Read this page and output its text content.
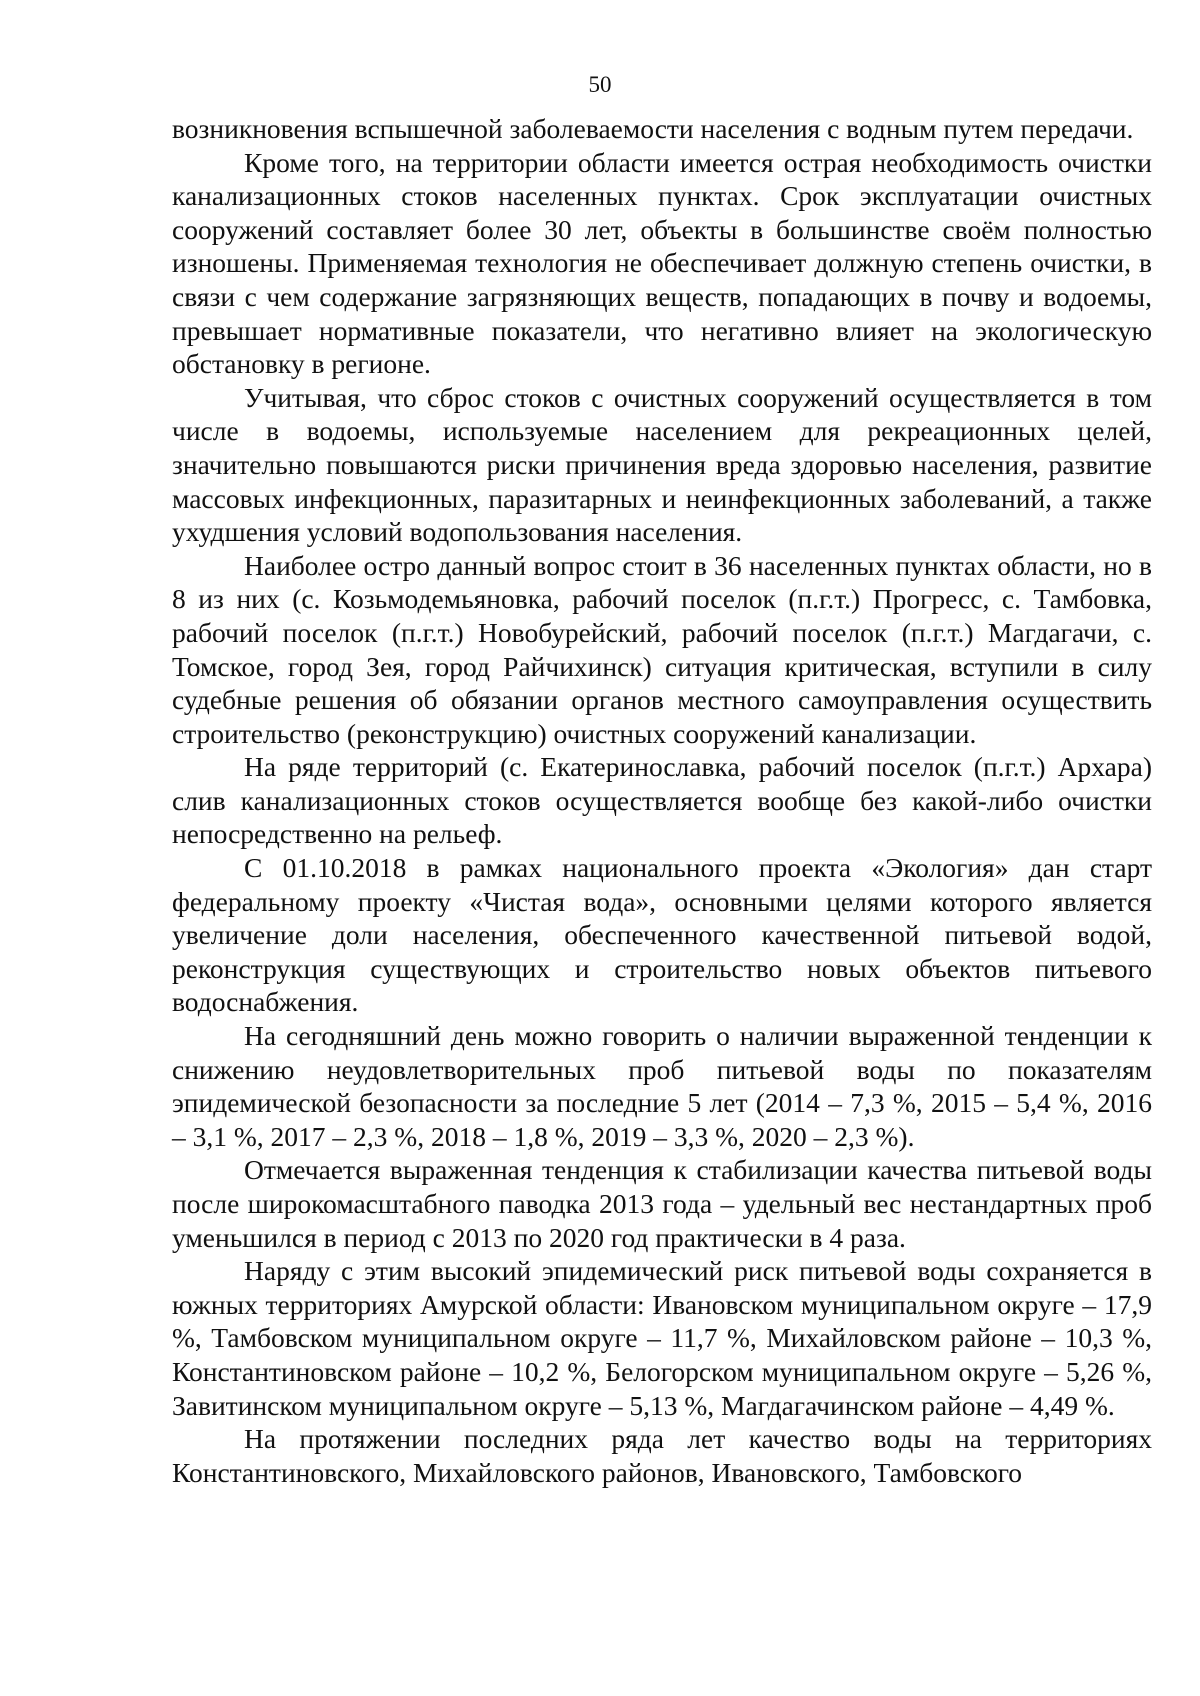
50

возникновения вспышечной заболеваемости населения с водным путем передачи.

Кроме того, на территории области имеется острая необходимость очистки канализационных стоков населенных пунктах. Срок эксплуатации очистных сооружений составляет более 30 лет, объекты в большинстве своём полностью изношены. Применяемая технология не обеспечивает должную степень очистки, в связи с чем содержание загрязняющих веществ, попадающих в почву и водоемы, превышает нормативные показатели, что негативно влияет на экологическую обстановку в регионе.

Учитывая, что сброс стоков с очистных сооружений осуществляется в том числе в водоемы, используемые населением для рекреационных целей, значительно повышаются риски причинения вреда здоровью населения, развитие массовых инфекционных, паразитарных и неинфекционных заболеваний, а также ухудшения условий водопользования населения.

Наиболее остро данный вопрос стоит в 36 населенных пунктах области, но в 8 из них (с. Козьмодемьяновка, рабочий поселок (п.г.т.) Прогресс, с. Тамбовка, рабочий поселок (п.г.т.) Новобурейский, рабочий поселок (п.г.т.) Магдагачи, с. Томское, город Зея, город Райчихинск) ситуация критическая, вступили в силу судебные решения об обязании органов местного самоуправления осуществить строительство (реконструкцию) очистных сооружений канализации.

На ряде территорий (с. Екатеринославка, рабочий поселок (п.г.т.) Архара) слив канализационных стоков осуществляется вообще без какой-либо очистки непосредственно на рельеф.

С 01.10.2018 в рамках национального проекта «Экология» дан старт федеральному проекту «Чистая вода», основными целями которого является увеличение доли населения, обеспеченного качественной питьевой водой, реконструкция существующих и строительство новых объектов питьевого водоснабжения.

На сегодняшний день можно говорить о наличии выраженной тенденции к снижению неудовлетворительных проб питьевой воды по показателям эпидемической безопасности за последние 5 лет (2014 – 7,3 %, 2015 – 5,4 %, 2016 – 3,1 %, 2017 – 2,3 %, 2018 – 1,8 %, 2019 – 3,3 %, 2020 – 2,3 %).

Отмечается выраженная тенденция к стабилизации качества питьевой воды после широкомасштабного паводка 2013 года – удельный вес нестандартных проб уменьшился в период с 2013 по 2020 год практически в 4 раза.

Наряду с этим высокий эпидемический риск питьевой воды сохраняется в южных территориях Амурской области: Ивановском муниципальном округе – 17,9 %, Тамбовском муниципальном округе – 11,7 %, Михайловском районе – 10,3 %, Константиновском районе – 10,2 %, Белогорском муниципальном округе – 5,26 %, Завитинском муниципальном округе – 5,13 %, Магдагачинском районе – 4,49 %.

На протяжении последних ряда лет качество воды на территориях Константиновского, Михайловского районов, Ивановского, Тамбовского
